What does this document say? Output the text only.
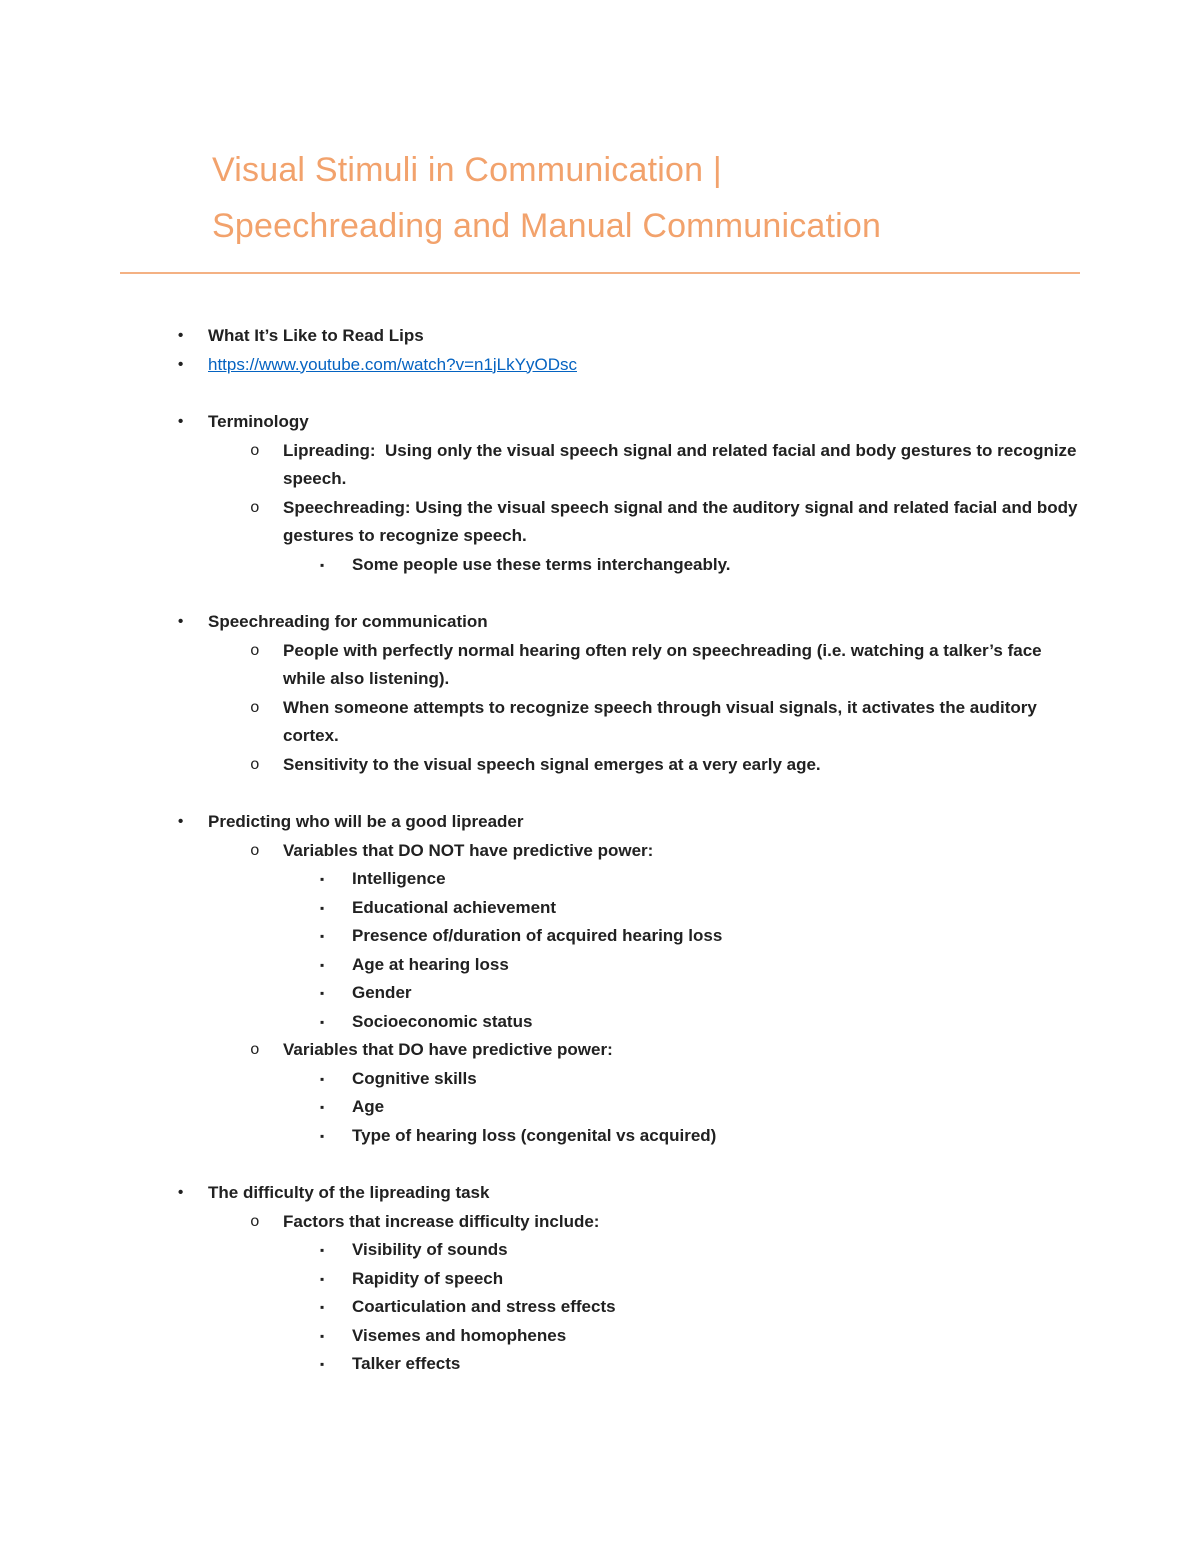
Visual Stimuli in Communication |
Speechreading and Manual Communication
•	What It’s Like to Read Lips
•	https://www.youtube.com/watch?v=n1jLkYyODsc
•	Terminology
o	Lipreading:  Using only the visual speech signal and related facial and body gestures to recognize speech.
o	Speechreading: Using the visual speech signal and the auditory signal and related facial and body gestures to recognize speech.
▪	Some people use these terms interchangeably.
•	Speechreading for communication
o	People with perfectly normal hearing often rely on speechreading (i.e. watching a talker’s face while also listening).
o	When someone attempts to recognize speech through visual signals, it activates the auditory cortex.
o	Sensitivity to the visual speech signal emerges at a very early age.
•	Predicting who will be a good lipreader
o	Variables that DO NOT have predictive power:
▪	Intelligence
▪	Educational achievement
▪	Presence of/duration of acquired hearing loss
▪	Age at hearing loss
▪	Gender
▪	Socioeconomic status
o	Variables that DO have predictive power:
▪	Cognitive skills
▪	Age
▪	Type of hearing loss (congenital vs acquired)
•	The difficulty of the lipreading task
o	Factors that increase difficulty include:
▪	Visibility of sounds
▪	Rapidity of speech
▪	Coarticulation and stress effects
▪	Visemes and homophenes
▪	Talker effects
